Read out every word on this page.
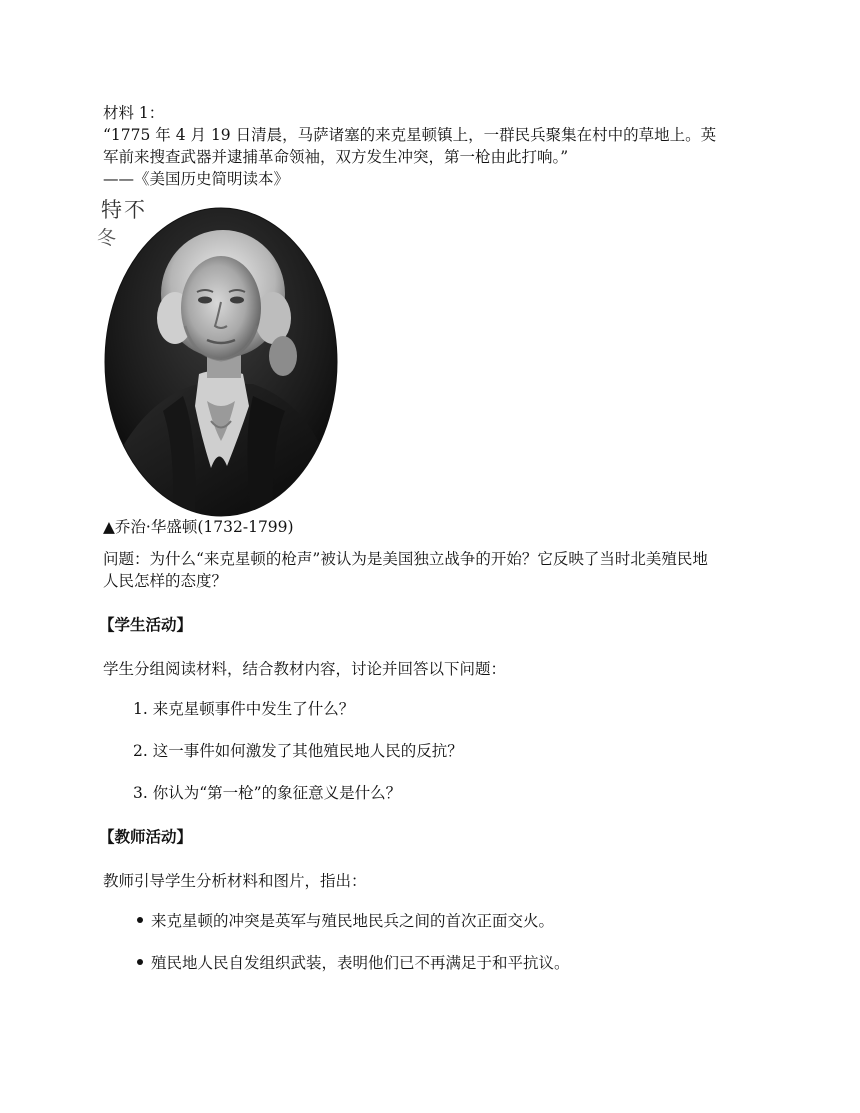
材料 1：

“1775 年 4 月 19 日清晨，马萨诸塞的来克星顿镇上，一群民兵聚集在村中的草地上。英

军前来搜查武器并逮捕革命领袖，双方发生冲突，第一枪由此打响。”

——《美国历史简明读本》

特不
冬

▲乔治·华盛顿(1732-1799)

问题：为什么“来克星顿的枪声”被认为是美国独立战争的开始？它反映了当时北美殖民地

人民怎样的态度？

【学生活动】

学生分组阅读材料，结合教材内容，讨论并回答以下问题：

1. 来克星顿事件中发生了什么？
2. 这一事件如何激发了其他殖民地人民的反抗？
3. 你认为“第一枪”的象征意义是什么？

【教师活动】

教师引导学生分析材料和图片，指出：

来克星顿的冲突是英军与殖民地民兵之间的首次正面交火。
殖民地人民自发组织武装，表明他们已不再满足于和平抗议。
